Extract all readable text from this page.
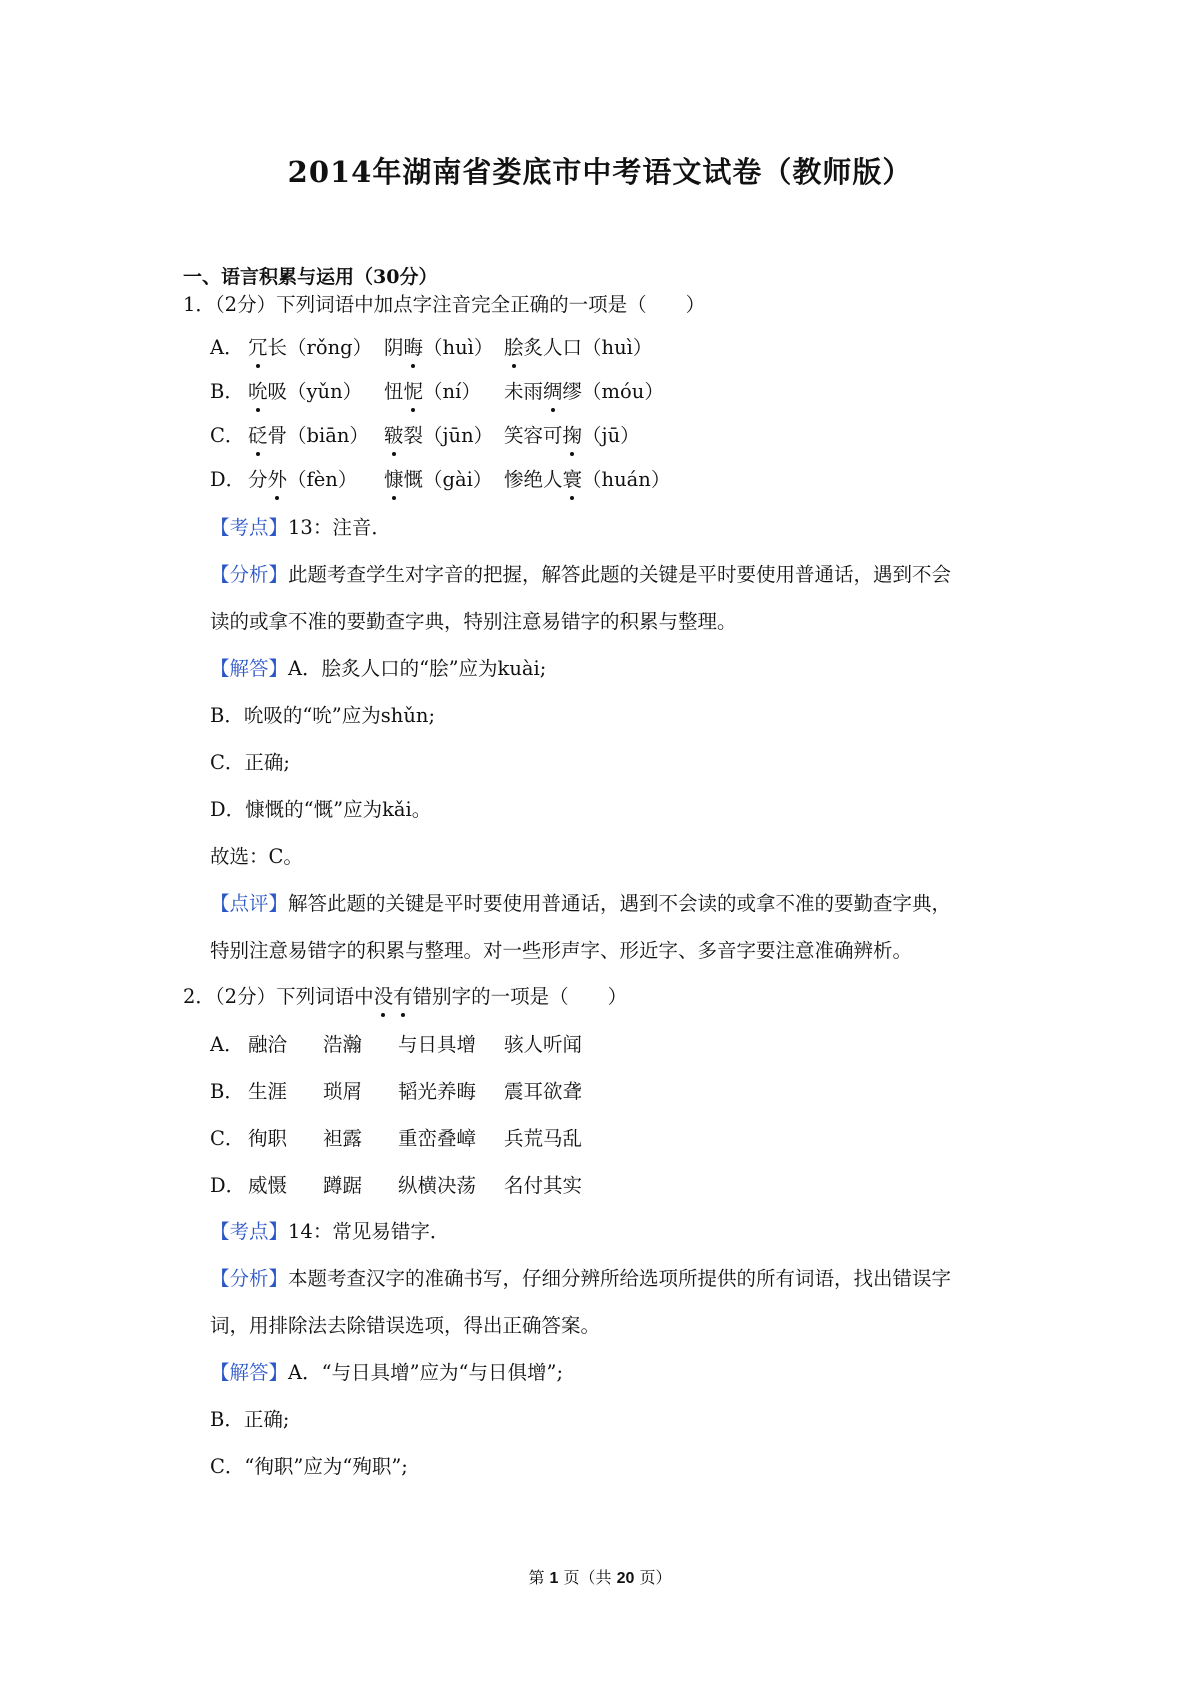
2014年湖南省娄底市中考语文试卷（教师版）
一、语言积累与运用（30分）
1．（2分）下列词语中加点字注音完全正确的一项是（　　）
A． 冗长（rǒng） 阴晦（huì） 脍炙人口（huì）
B． 吮吸（yǔn） 忸怩（ní） 未雨绸缪（móu）
C． 砭骨（biān） 皲裂（jūn） 笑容可掬（jū）
D． 分外（fèn） 慷慨（gài） 惨绝人寰（huán）
【考点】13：注音．
【分析】此题考查学生对字音的把握，解答此题的关键是平时要使用普通话，遇到不会
读的或拿不准的要勤查字典，特别注意易错字的积累与整理。
【解答】A．脍炙人口的“脍”应为kuài;
B．吮吸的“吮”应为shǔn;
C．正确;
D．慷慨的“慨”应为kǎi。
故选：C。
【点评】解答此题的关键是平时要使用普通话，遇到不会读的或拿不准的要勤查字典，
特别注意易错字的积累与整理。对一些形声字、形近字、多音字要注意准确辨析。
2．（2分）下列词语中没有错别字的一项是（　　）
A． 融洽 浩瀚 与日具增 骇人听闻
B． 生涯 琐屑 韬光养晦 震耳欲聋
C． 徇职 袒露 重峦叠嶂 兵荒马乱
D． 威慑 蹲踞 纵横决荡 名付其实
【考点】14：常见易错字．
【分析】本题考查汉字的准确书写，仔细分辨所给选项所提供的所有词语，找出错误字
词，用排除法去除错误选项，得出正确答案。
【解答】A．“与日具增”应为“与日俱增”;
B．正确;
C．“徇职”应为“殉职”;
第 1 页（共 20 页）
